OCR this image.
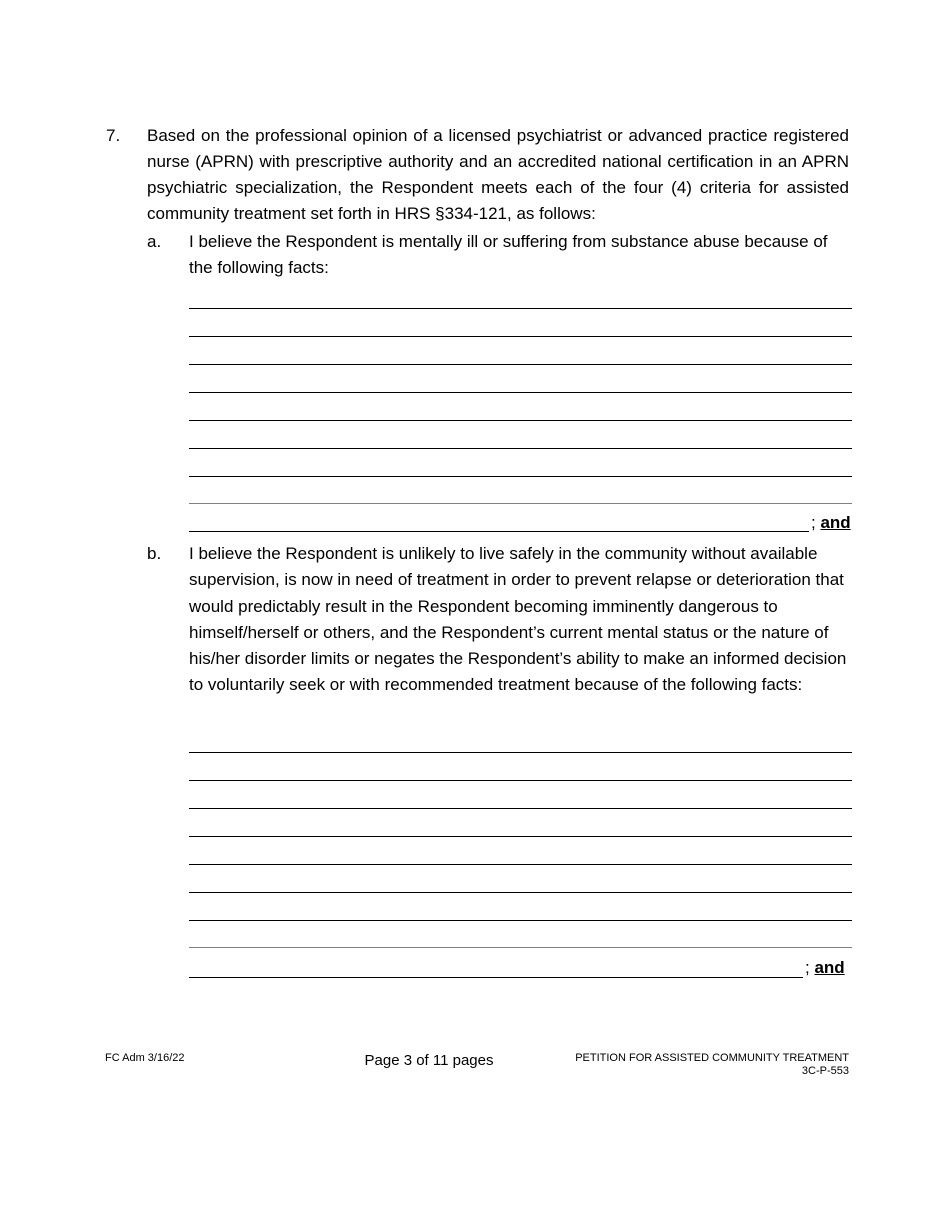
7. Based on the professional opinion of a licensed psychiatrist or advanced practice registered nurse (APRN) with prescriptive authority and an accredited national certification in an APRN psychiatric specialization, the Respondent meets each of the four (4) criteria for assisted community treatment set forth in HRS §334-121, as follows:
a. I believe the Respondent is mentally ill or suffering from substance abuse because of the following facts:
; and
b. I believe the Respondent is unlikely to live safely in the community without available supervision, is now in need of treatment in order to prevent relapse or deterioration that would predictably result in the Respondent becoming imminently dangerous to himself/herself or others, and the Respondent’s current mental status or the nature of his/her disorder limits or negates the Respondent’s ability to make an informed decision to voluntarily seek or with recommended treatment because of the following facts:
; and
FC Adm 3/16/22	Page 3 of 11 pages	PETITION FOR ASSISTED COMMUNITY TREATMENT
3C-P-553
